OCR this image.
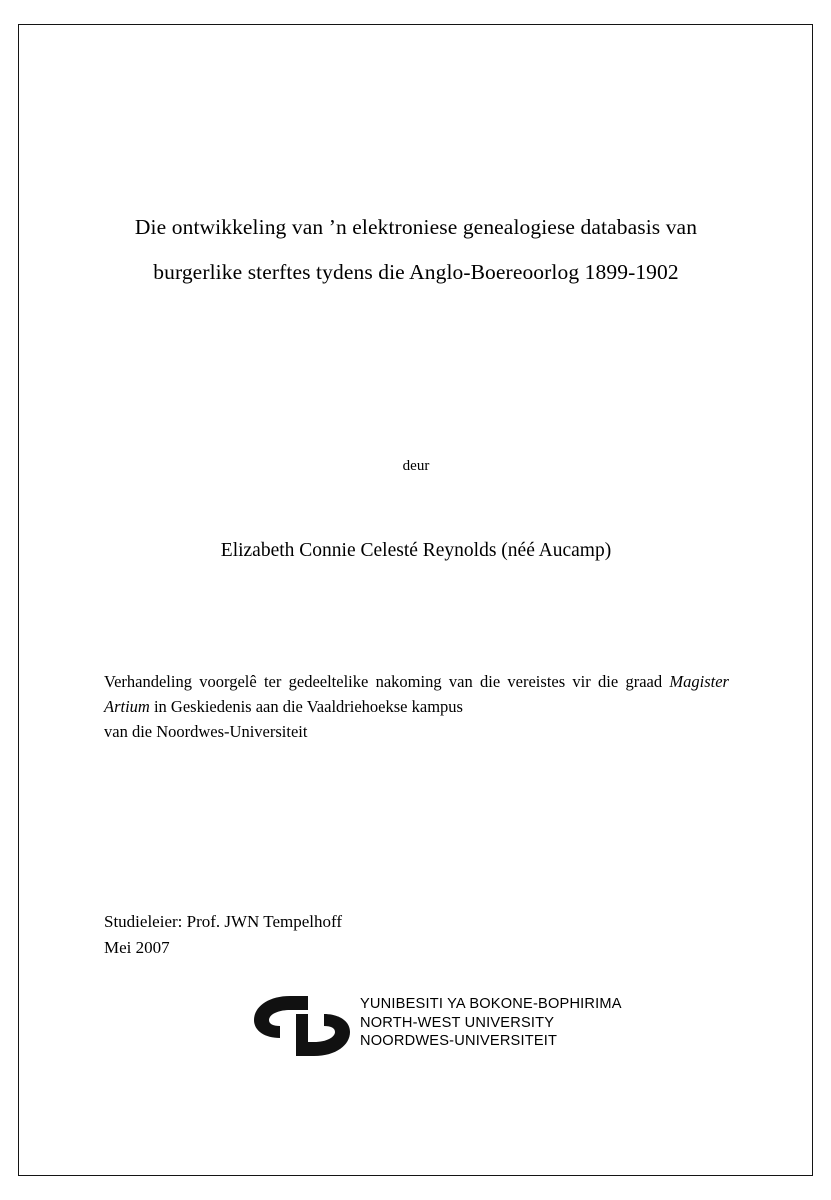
Die ontwikkeling van ’n elektroniese genealogiese databasis van
burgerlike sterftes tydens die Anglo-Boereoorlog 1899-1902
deur
Elizabeth Connie Celesté Reynolds (néé Aucamp)
Verhandeling voorgelê ter gedeeltelike nakoming van die vereistes vir die graad Magister Artium in Geskiedenis aan die Vaaldriehoekse kampus
van die Noordwes-Universiteit
Studieleier: Prof. JWN Tempelhoff
Mei 2007
YUNIBESITI YA BOKONE-BOPHIRIMA
NORTH-WEST UNIVERSITY
NOORDWES-UNIVERSITEIT
